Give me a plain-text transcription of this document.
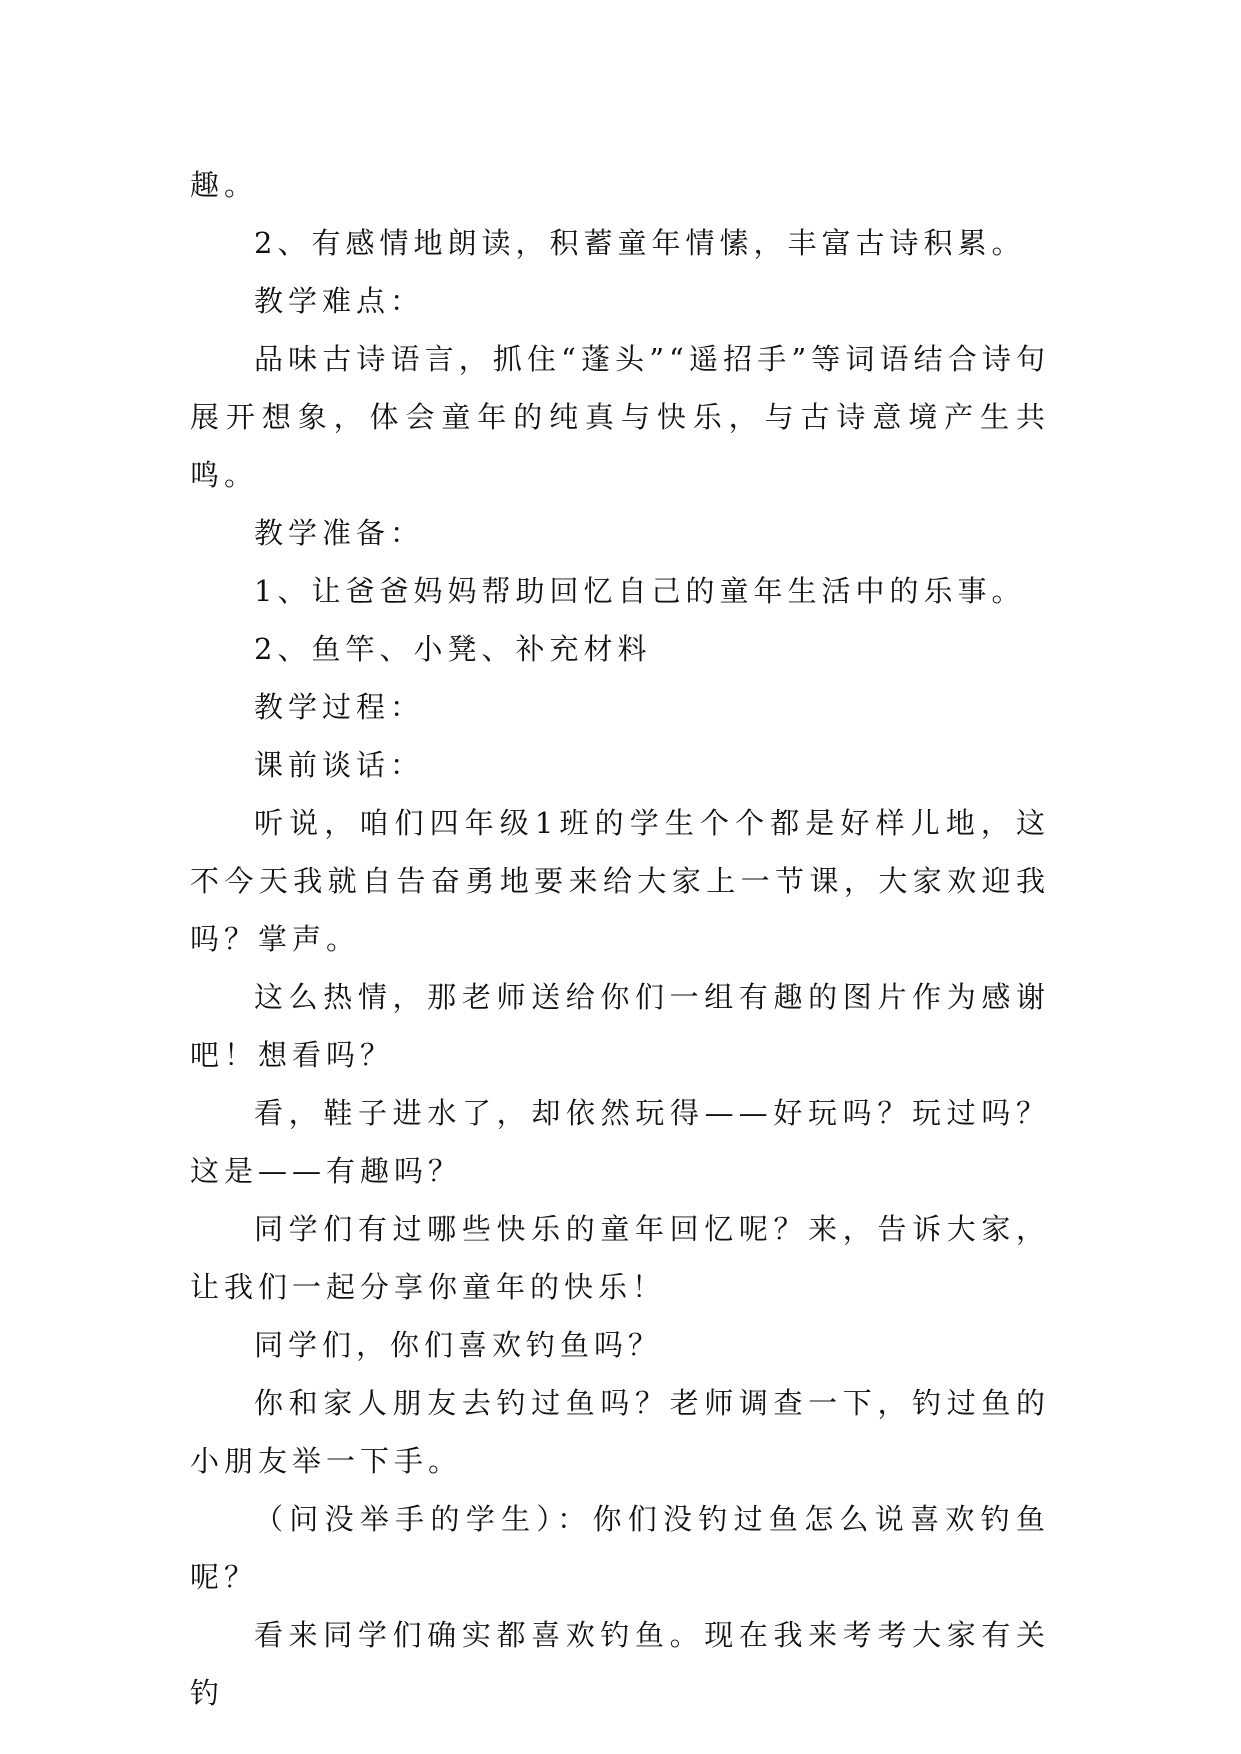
趣。

2、有感情地朗读，积蓄童年情愫，丰富古诗积累。

教学难点：

品味古诗语言，抓住“蓬头”“遥招手”等词语结合诗句展开想象，体会童年的纯真与快乐，与古诗意境产生共鸣。

教学准备：

1、让爸爸妈妈帮助回忆自己的童年生活中的乐事。

2、鱼竿、小凳、补充材料

教学过程：

课前谈话：

听说，咱们四年级1班的学生个个都是好样儿地，这不今天我就自告奋勇地要来给大家上一节课，大家欢迎我吗？掌声。

这么热情，那老师送给你们一组有趣的图片作为感谢吧！想看吗？

看，鞋子进水了，却依然玩得——好玩吗？玩过吗？这是——有趣吗？

同学们有过哪些快乐的童年回忆呢？来，告诉大家，让我们一起分享你童年的快乐！

同学们，你们喜欢钓鱼吗？

你和家人朋友去钓过鱼吗？老师调查一下，钓过鱼的小朋友举一下手。

（问没举手的学生）：你们没钓过鱼怎么说喜欢钓鱼呢？

看来同学们确实都喜欢钓鱼。现在我来考考大家有关钓
